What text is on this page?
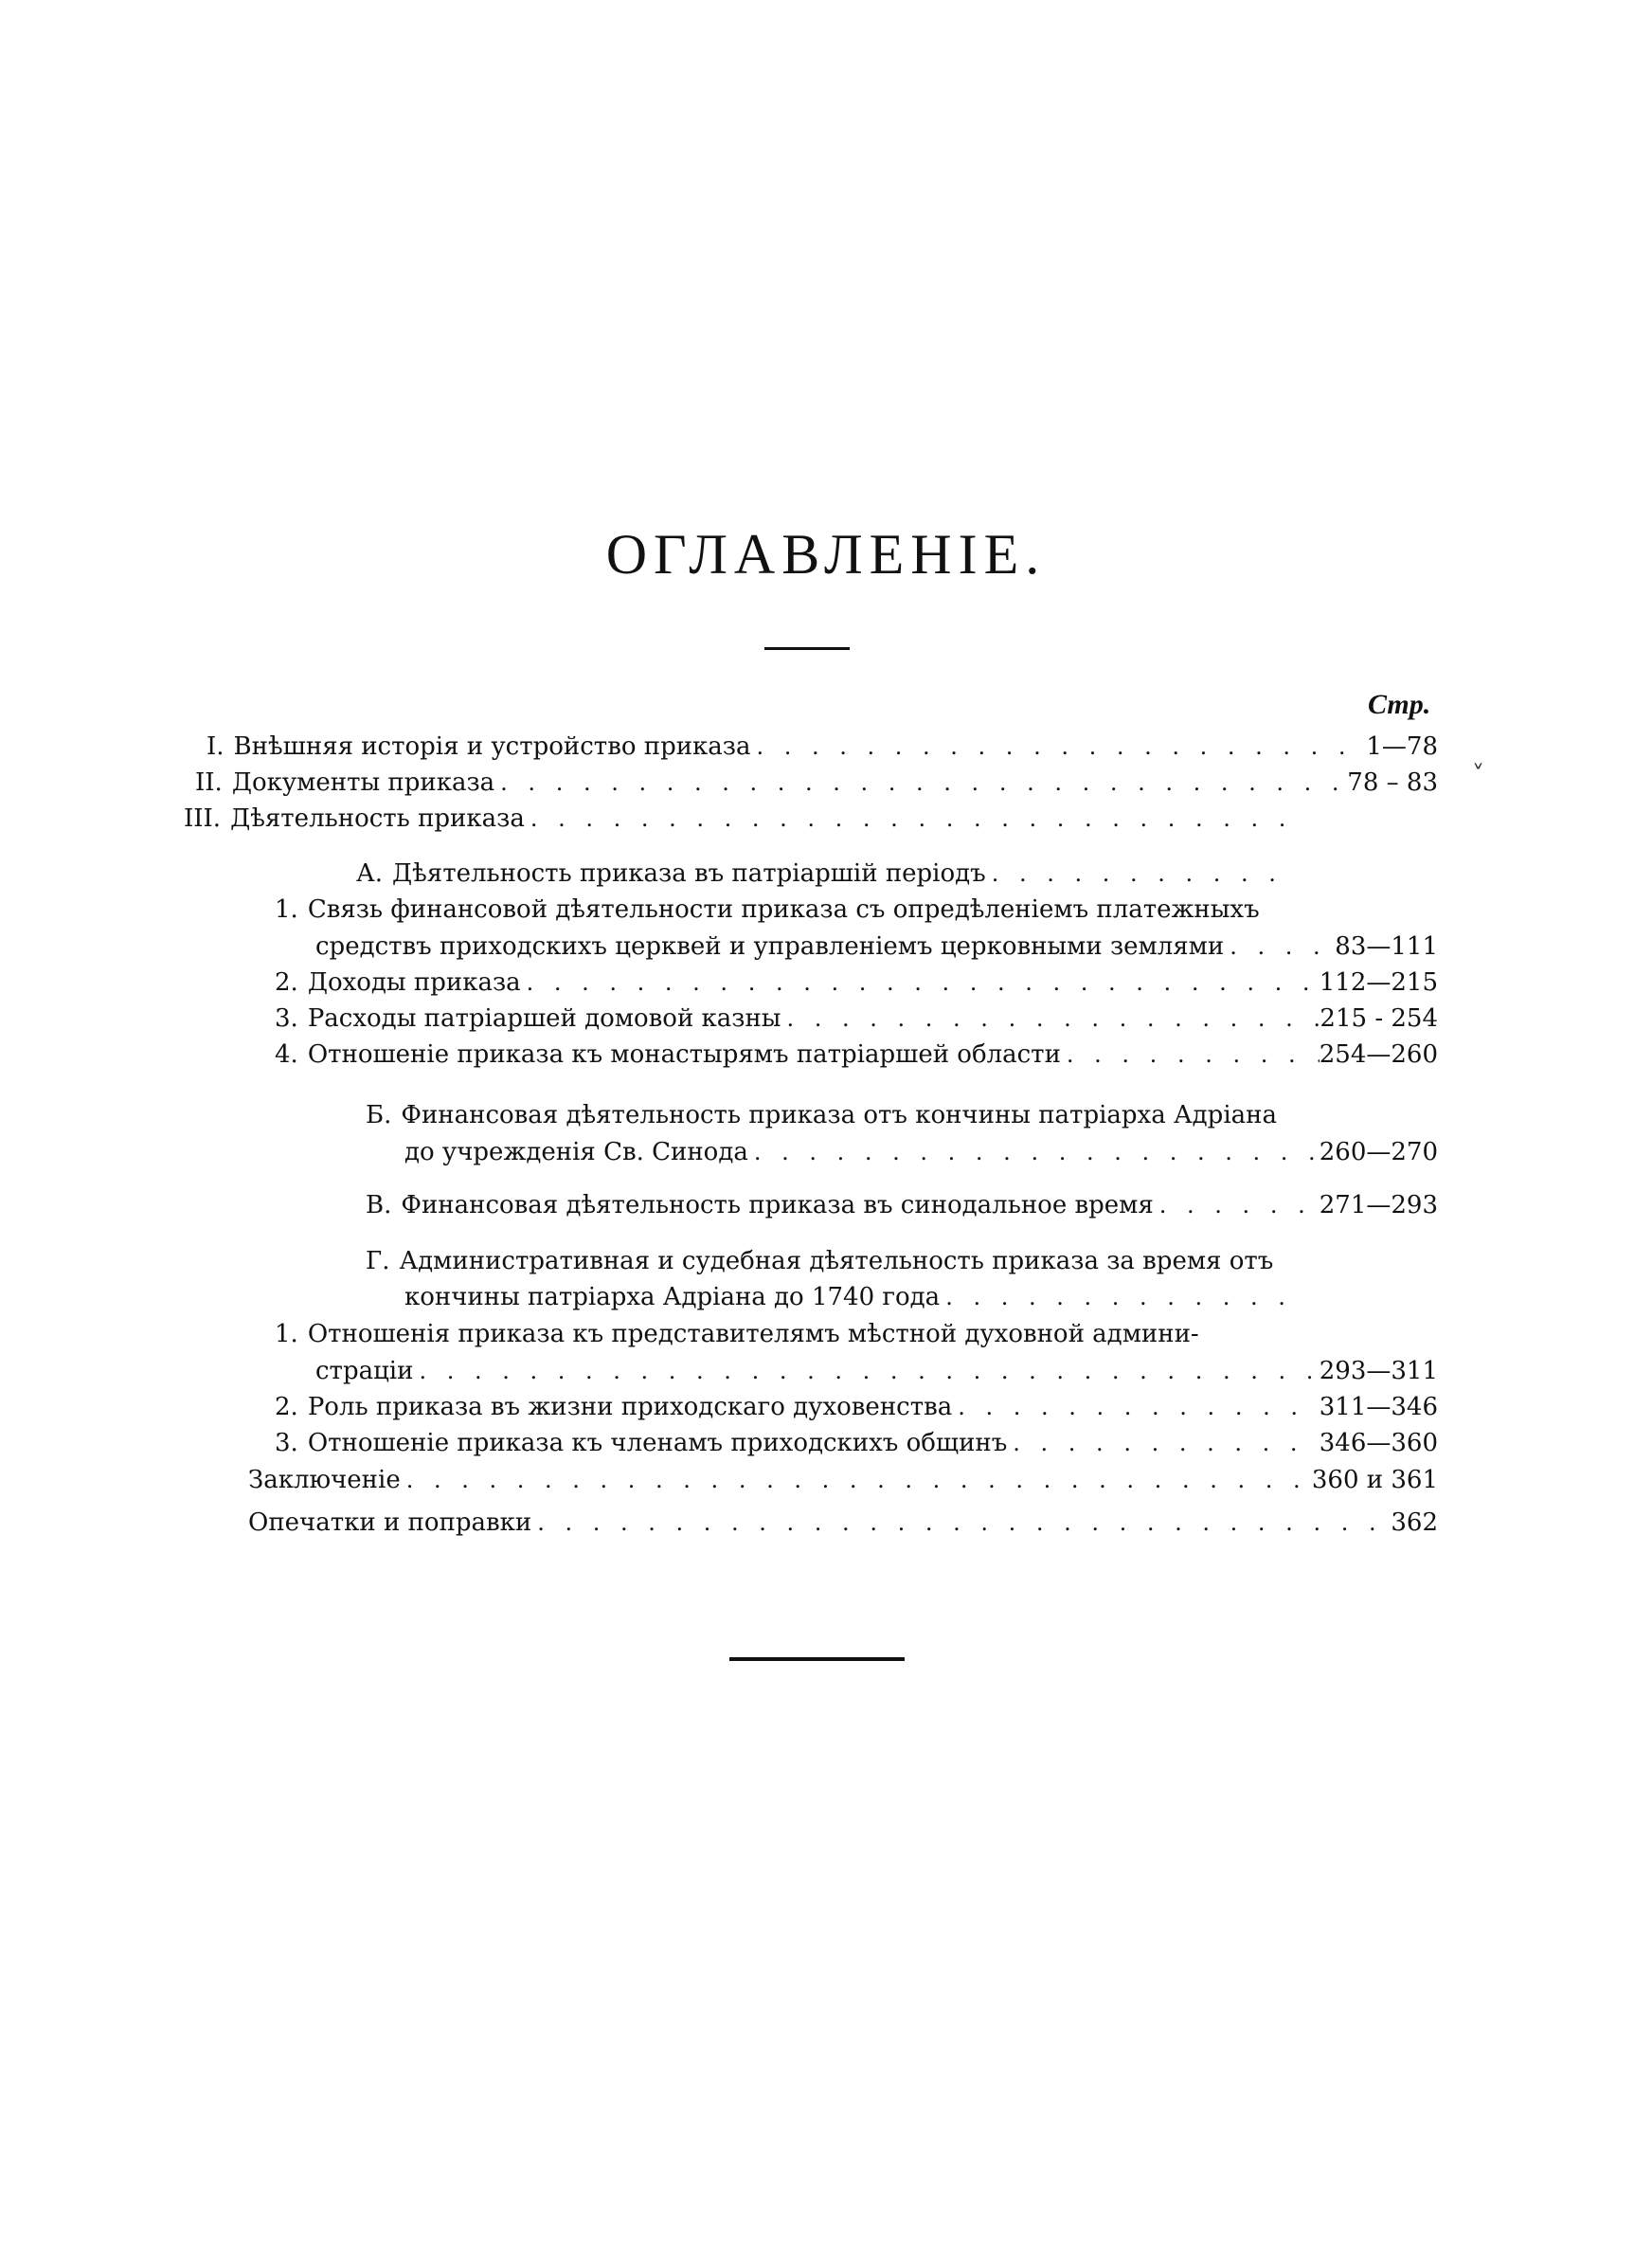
ОГЛАВЛЕНІЕ.
Стр.
˅
I. Внѣшняя исторія и устройство приказа . . .	1—78
II. Документы приказа . . .	78 – 83
III. Дѣятельность приказа
. . .
А. Дѣятельность приказа въ патріаршій періодъ
. . .
1. Связь финансовой дѣятельности приказа съ опредѣленіемъ платежныхъ
средствъ приходскихъ церквей и управленіемъ церковными землями . . .	83—111
2. Доходы приказа . . .	112—215
3. Расходы патріаршей домовой казны . . .	215 - 254
4. Отношеніе приказа къ монастырямъ патріаршей области . . .	254—260
Б. Финансовая дѣятельность приказа отъ кончины патріарха Адріана
до учрежденія Св. Синода . . .	260—270
В. Финансовая дѣятельность приказа въ синодальное время . . .	271—293
Г. Административная и судебная дѣятельность приказа за время отъ
кончины патріарха Адріана до 1740 года
. . .
1. Отношенія приказа къ представителямъ мѣстной духовной админи-
страціи . . .	293—311
2. Роль приказа въ жизни приходскаго духовенства . . .	311—346
3. Отношеніе приказа къ членамъ приходскихъ общинъ . . .	346—360
Заключеніе . . .	360 и 361
Опечатки и поправки . . .	362
